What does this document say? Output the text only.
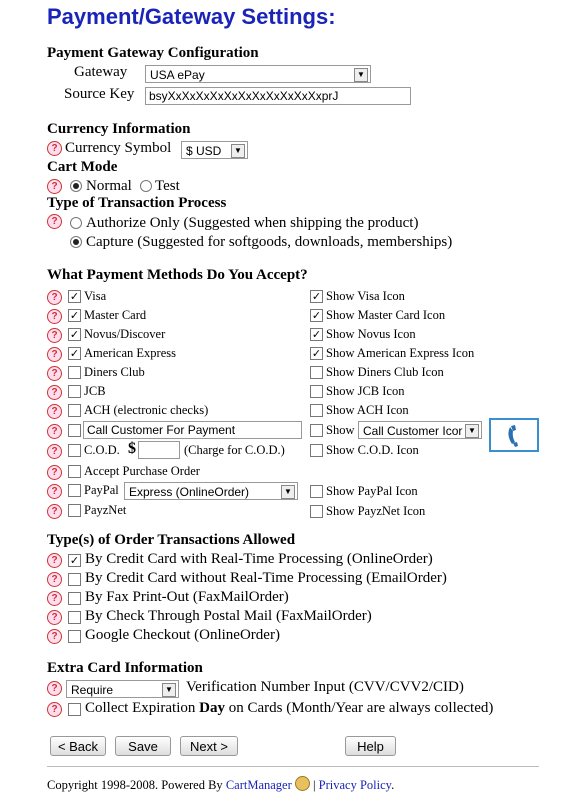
Payment/Gateway Settings:
Payment Gateway Configuration
Gateway	USA ePay	▼
Source Key	bsyXxXxXxXxXxXxXxXxXxXxXxprJ
Currency Information
? Currency Symbol	$ USD	▼
Cart Mode
? Normal Test
Type of Transaction Process
? Authorize Only (Suggested when shipping the product)
Capture (Suggested for softgoods, downloads, memberships)
What Payment Methods Do You Accept?
?	✓ Visa	✓ Show Visa Icon
?	✓ Master Card	✓ Show Master Card Icon
?	✓ Novus/Discover	✓ Show Novus Icon
?	✓ American Express	✓ Show American Express Icon
?	Diners Club	Show Diners Club Icon
?	JCB	Show JCB Icon
?	ACH (electronic checks)	Show ACH Icon
?	Call Customer For Payment	Show Call Customer Icor ▼
?	C.O.D. $	(Charge for C.O.D.)	Show C.O.D. Icon
?	Accept Purchase Order
?	PayPal Express (OnlineOrder)	▼	Show PayPal Icon
?	PayzNet	Show PayzNet Icon
Type(s) of Order Transactions Allowed
?	✓ By Credit Card with Real-Time Processing (OnlineOrder)
? By Credit Card without Real-Time Processing (EmailOrder)
? By Fax Print-Out (FaxMailOrder)
? By Check Through Postal Mail (FaxMailOrder)
? Google Checkout (OnlineOrder)
Extra Card Information
?	Require	▼ Verification Number Input (CVV/CVV2/CID)
? Collect Expiration Day on Cards (Month/Year are always collected)
< Back	Save	Next >	Help
Copyright 1998-2008. Powered By CartManager | Privacy Policy.
